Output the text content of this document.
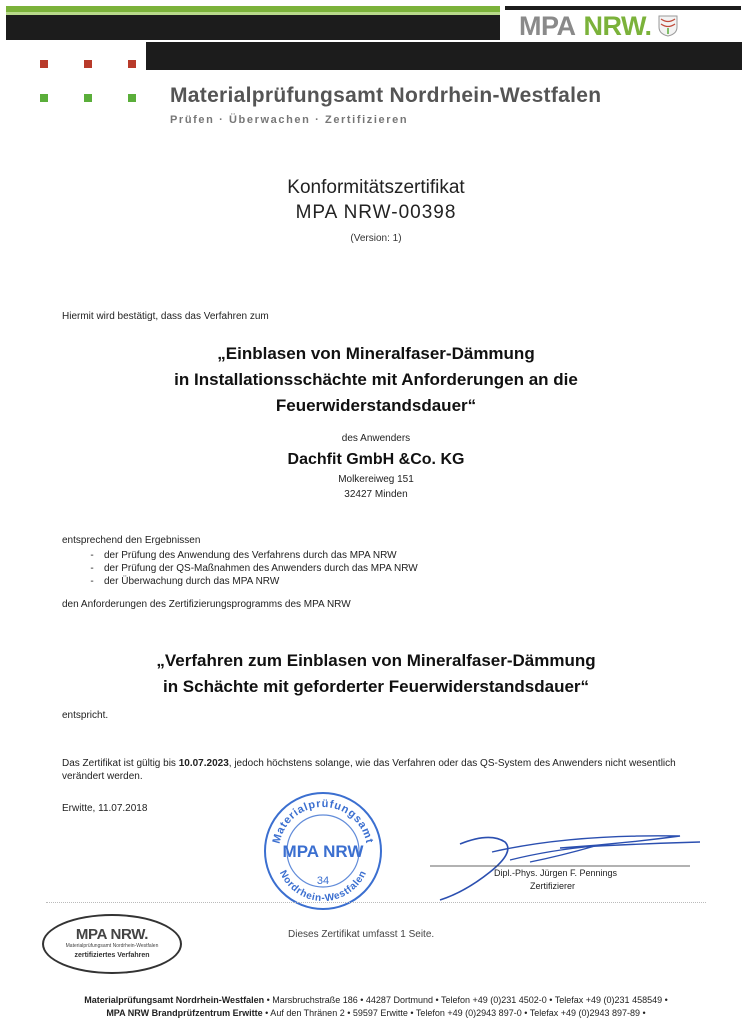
MPA NRW.
Materialprüfungsamt Nordrhein-Westfalen
Prüfen · Überwachen · Zertifizieren
Konformitätszertifikat
MPA NRW-00398
(Version: 1)
Hiermit wird bestätigt, dass das Verfahren zum
„Einblasen von Mineralfaser-Dämmung
in Installationsschächte mit Anforderungen an die
Feuerwiderstandsdauer“
des Anwenders
Dachfit GmbH &Co. KG
Molkereiweg 151
32427 Minden
entsprechend den Ergebnissen
- der Prüfung des Anwendung des Verfahrens durch das MPA NRW
- der Prüfung der QS-Maßnahmen des Anwenders durch das MPA NRW
- der Überwachung durch das MPA NRW
den Anforderungen des Zertifizierungsprogramms des MPA NRW
„Verfahren zum Einblasen von Mineralfaser-Dämmung
in Schächte mit geforderter Feuerwiderstandsdauer“
entspricht.
Das Zertifikat ist gültig bis 10.07.2023, jedoch höchstens solange, wie das Verfahren oder das QS-System des Anwenders nicht wesentlich verändert werden.
Erwitte, 11.07.2018
Materialprüfungsamt
MPA NRW
34
Nordrhein-Westfalen	Dipl.-Phys. Jürgen F. Pennings
Zertifizierer
MPA NRW.
Materialprüfungsamt Nordrhein-Westfalen
zertifiziertes Verfahren
Dieses Zertifikat umfasst 1 Seite.
Materialprüfungsamt Nordrhein-Westfalen • Marsbruchstraße 186 • 44287 Dortmund • Telefon +49 (0)231 4502-0 • Telefax +49 (0)231 458549 •
MPA NRW Brandprüfzentrum Erwitte • Auf den Thränen 2 • 59597 Erwitte • Telefon +49 (0)2943 897-0 • Telefax +49 (0)2943 897-89 •
